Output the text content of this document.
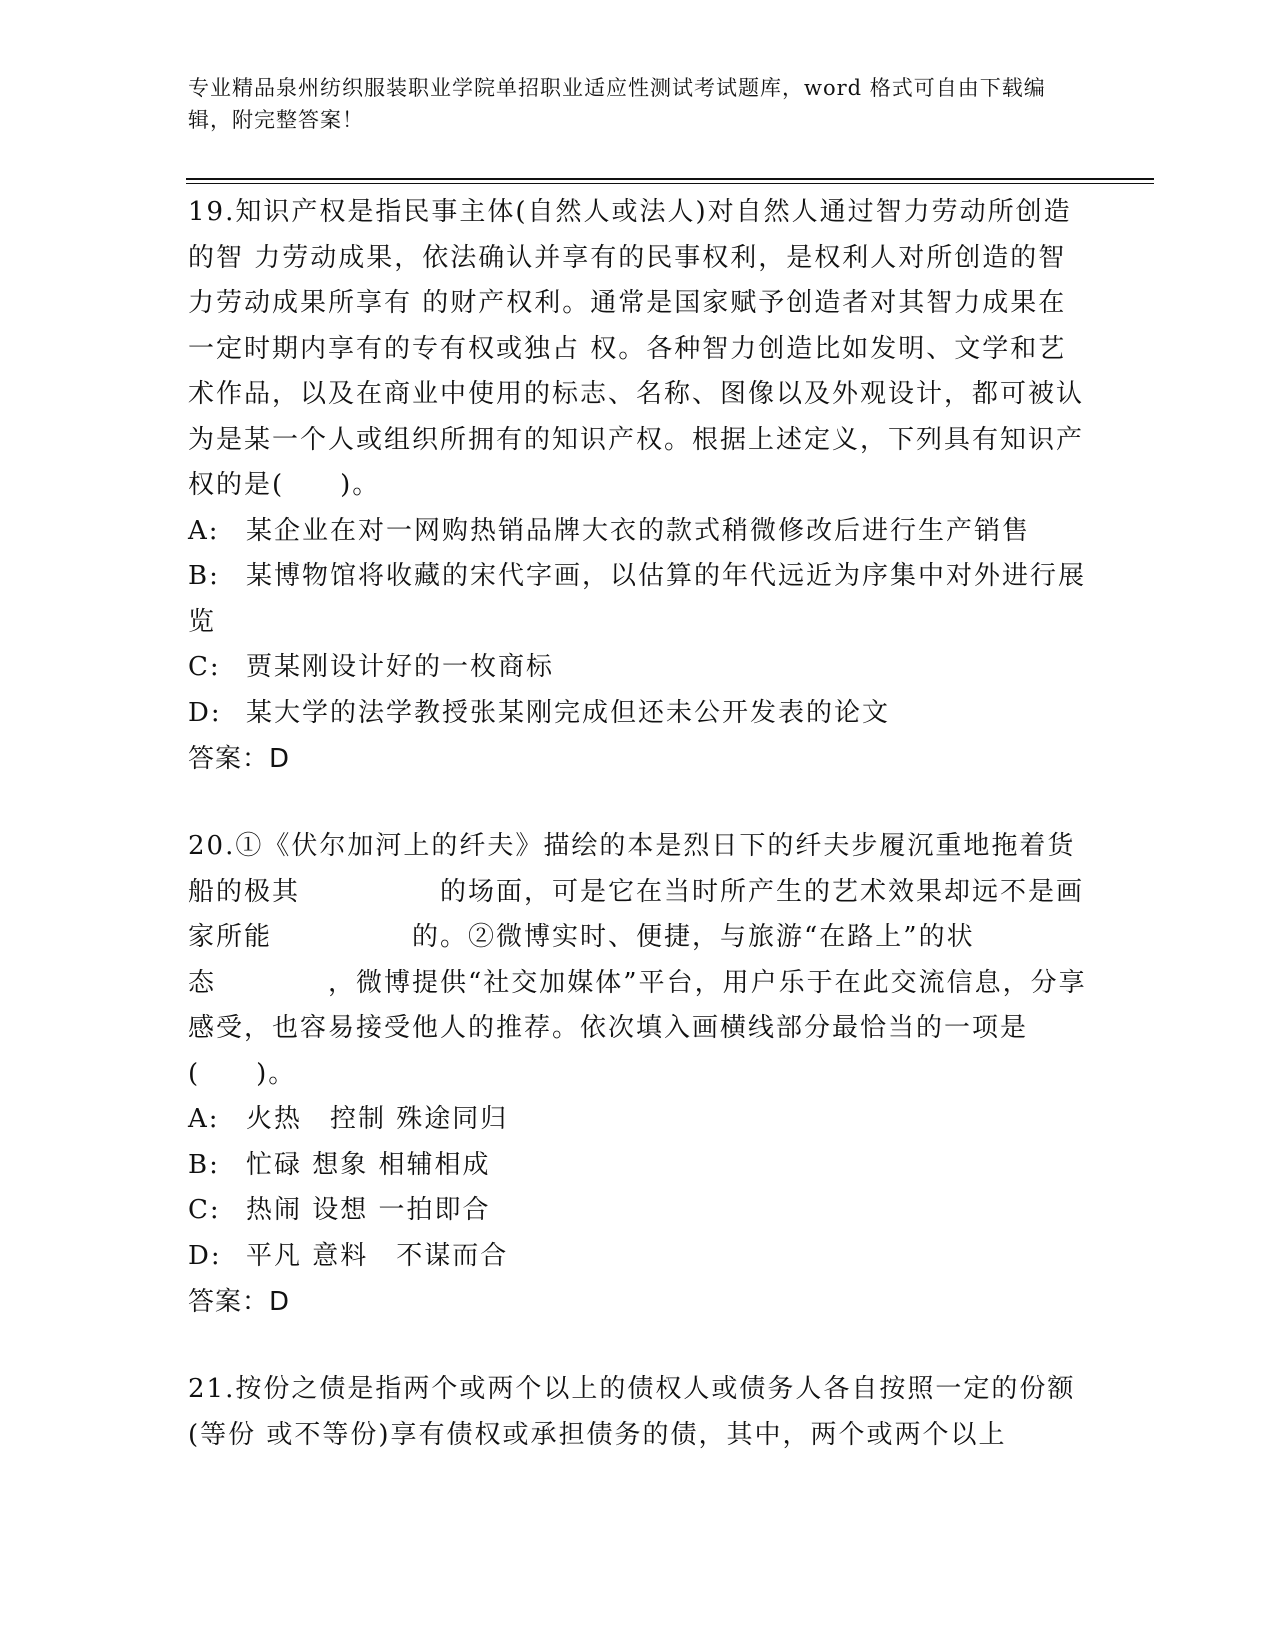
专业精品泉州纺织服装职业学院单招职业适应性测试考试题库，word 格式可自由下载编辑，附完整答案！

19.知识产权是指民事主体(自然人或法人)对自然人通过智力劳动所创造的智 力劳动成果，依法确认并享有的民事权利，是权利人对所创造的智力劳动成果所享有 的财产权利。通常是国家赋予创造者对其智力成果在一定时期内享有的专有权或独占 权。各种智力创造比如发明、文学和艺术作品，以及在商业中使用的标志、名称、图像以及外观设计，都可被认为是某一个人或组织所拥有的知识产权。根据上述定义，下列具有知识产权的是(　　)。

A: 某企业在对一网购热销品牌大衣的款式稍微修改后进行生产销售

B: 某博物馆将收藏的宋代字画，以估算的年代远近为序集中对外进行展览

C: 贾某刚设计好的一枚商标

D: 某大学的法学教授张某刚完成但还未公开发表的论文

答案：D

20.①《伏尔加河上的纤夫》描绘的本是烈日下的纤夫步履沉重地拖着货船的极其　　　　　的场面，可是它在当时所产生的艺术效果却远不是画家所能　　　　　的。②微博实时、便捷，与旅游“在路上”的状态　　　　，微博提供“社交加媒体”平台，用户乐于在此交流信息，分享感受，也容易接受他人的推荐。依次填入画横线部分最恰当的一项是(　　)。

A: 火热　控制 殊途同归

B: 忙碌 想象 相辅相成

C: 热闹 设想 一拍即合

D: 平凡 意料　不谋而合

答案：D

21.按份之债是指两个或两个以上的债权人或债务人各自按照一定的份额(等份 或不等份)享有债权或承担债务的债，其中，两个或两个以上
